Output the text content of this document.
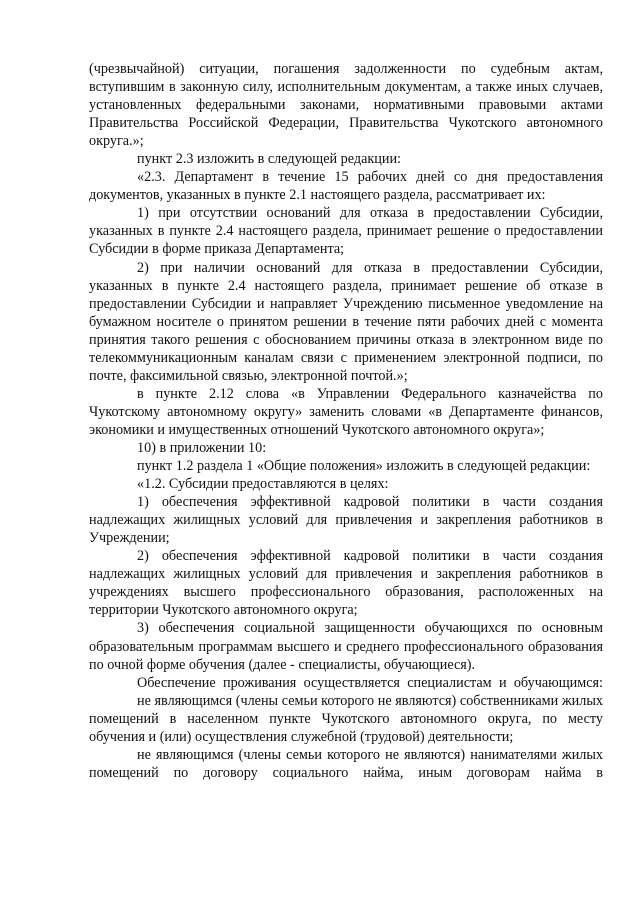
(чрезвычайной) ситуации, погашения задолженности по судебным актам, вступившим в законную силу, исполнительным документам, а также иных случаев, установленных федеральными законами, нормативными правовыми актами Правительства Российской Федерации, Правительства Чукотского автономного округа.»;

пункт 2.3 изложить в следующей редакции:

«2.3. Департамент в течение 15 рабочих дней со дня предоставления документов, указанных в пункте 2.1 настоящего раздела, рассматривает их:

1) при отсутствии оснований для отказа в предоставлении Субсидии, указанных в пункте 2.4 настоящего раздела, принимает решение о предоставлении Субсидии в форме приказа Департамента;

2) при наличии оснований для отказа в предоставлении Субсидии, указанных в пункте 2.4 настоящего раздела, принимает решение об отказе в предоставлении Субсидии и направляет Учреждению письменное уведомление на бумажном носителе о принятом решении в течение пяти рабочих дней с момента принятия такого решения с обоснованием причины отказа в электронном виде по телекоммуникационным каналам связи с применением электронной подписи, по почте, факсимильной связью, электронной почтой.»;

в пункте 2.12 слова «в Управлении Федерального казначейства по Чукотскому автономному округу» заменить словами «в Департаменте финансов, экономики и имущественных отношений Чукотского автономного округа»;

10) в приложении 10:

пункт 1.2 раздела 1 «Общие положения» изложить в следующей редакции:

«1.2. Субсидии предоставляются в целях:

1) обеспечения эффективной кадровой политики в части создания надлежащих жилищных условий для привлечения и закрепления работников в Учреждении;

2) обеспечения эффективной кадровой политики в части создания надлежащих жилищных условий для привлечения и закрепления работников в учреждениях высшего профессионального образования, расположенных на территории Чукотского автономного округа;

3) обеспечения социальной защищенности обучающихся по основным образовательным программам высшего и среднего профессионального образования по очной форме обучения (далее - специалисты, обучающиеся).

Обеспечение проживания осуществляется специалистам и обучающимся:

не являющимся (члены семьи которого не являются) собственниками жилых помещений в населенном пункте Чукотского автономного округа, по месту обучения и (или) осуществления служебной (трудовой) деятельности;

не являющимся (члены семьи которого не являются) нанимателями жилых помещений по договору социального найма, иным договорам найма в
